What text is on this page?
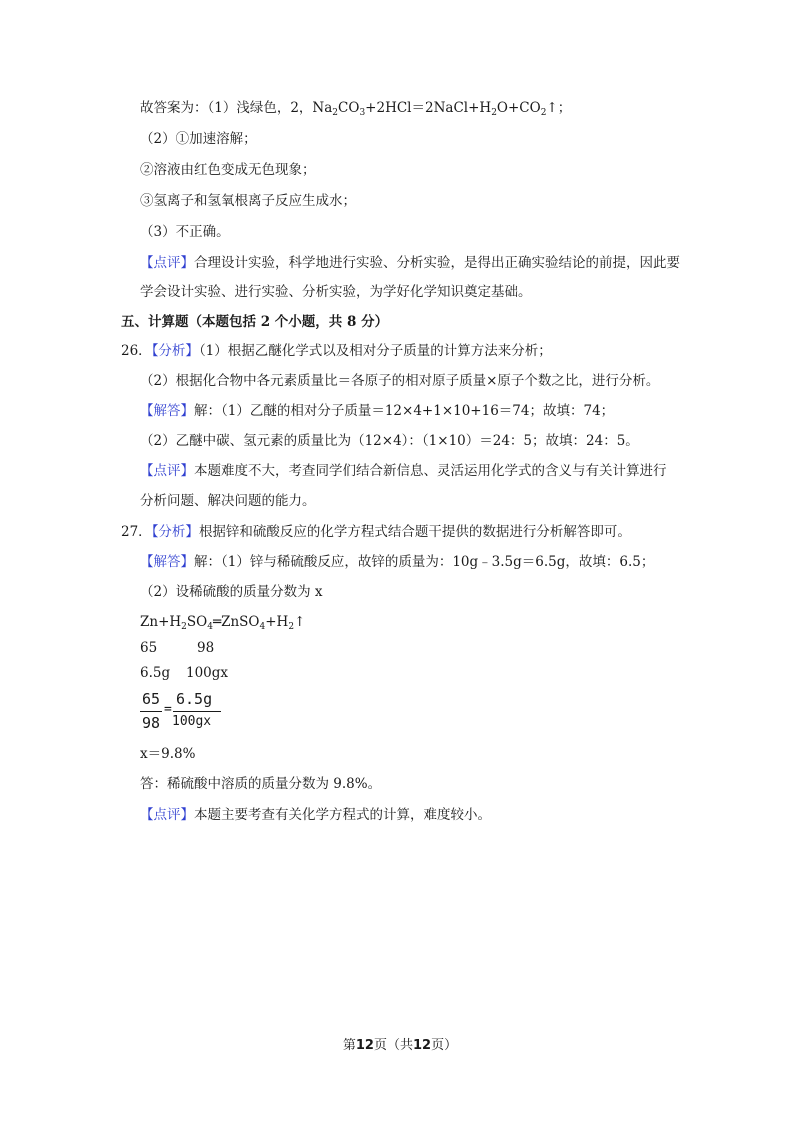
故答案为：（1）浅绿色，2，$Na_2CO_3+2HCl=2NaCl+H_2O+CO_2↑$；
（2）①加速溶解；
②溶液由红色变成无色现象；
③氢离子和氢氧根离子反应生成水；
（3）不正确。
【点评】合理设计实验，科学地进行实验、分析实验，是得出正确实验结论的前提，因此要
学会设计实验、进行实验、分析实验，为学好化学知识奠定基础。
五、计算题（本题包括 2 个小题，共 8 分）
26．【分析】（1）根据乙醚化学式以及相对分子质量的计算方法来分析；
（2）根据化合物中各元素质量比＝各原子的相对原子质量×原子个数之比，进行分析。
【解答】解：（1）乙醚的相对分子质量＝12×4+1×10+16＝74；故填：74；
（2）乙醚中碳、氢元素的质量比为（12×4）：（1×10）＝24：5；故填：24：5。
【点评】本题难度不大，考查同学们结合新信息、灵活运用化学式的含义与有关计算进行
分析问题、解决问题的能力。
27．【分析】根据锌和硫酸反应的化学方程式结合题干提供的数据进行分析解答即可。
【解答】解：（1）锌与稀硫酸反应，故锌的质量为：10g﹣3.5g＝6.5g，故填：6.5；
（2）设稀硫酸的质量分数为 x
$Zn+H_2SO_4═ZnSO_4+H_2↑$
65	98
6.5g 100gx
65
98
=
6.5g
100gx
x＝9.8%
答：稀硫酸中溶质的质量分数为 9.8%。
【点评】本题主要考查有关化学方程式的计算，难度较小。
第12页（共12页）
